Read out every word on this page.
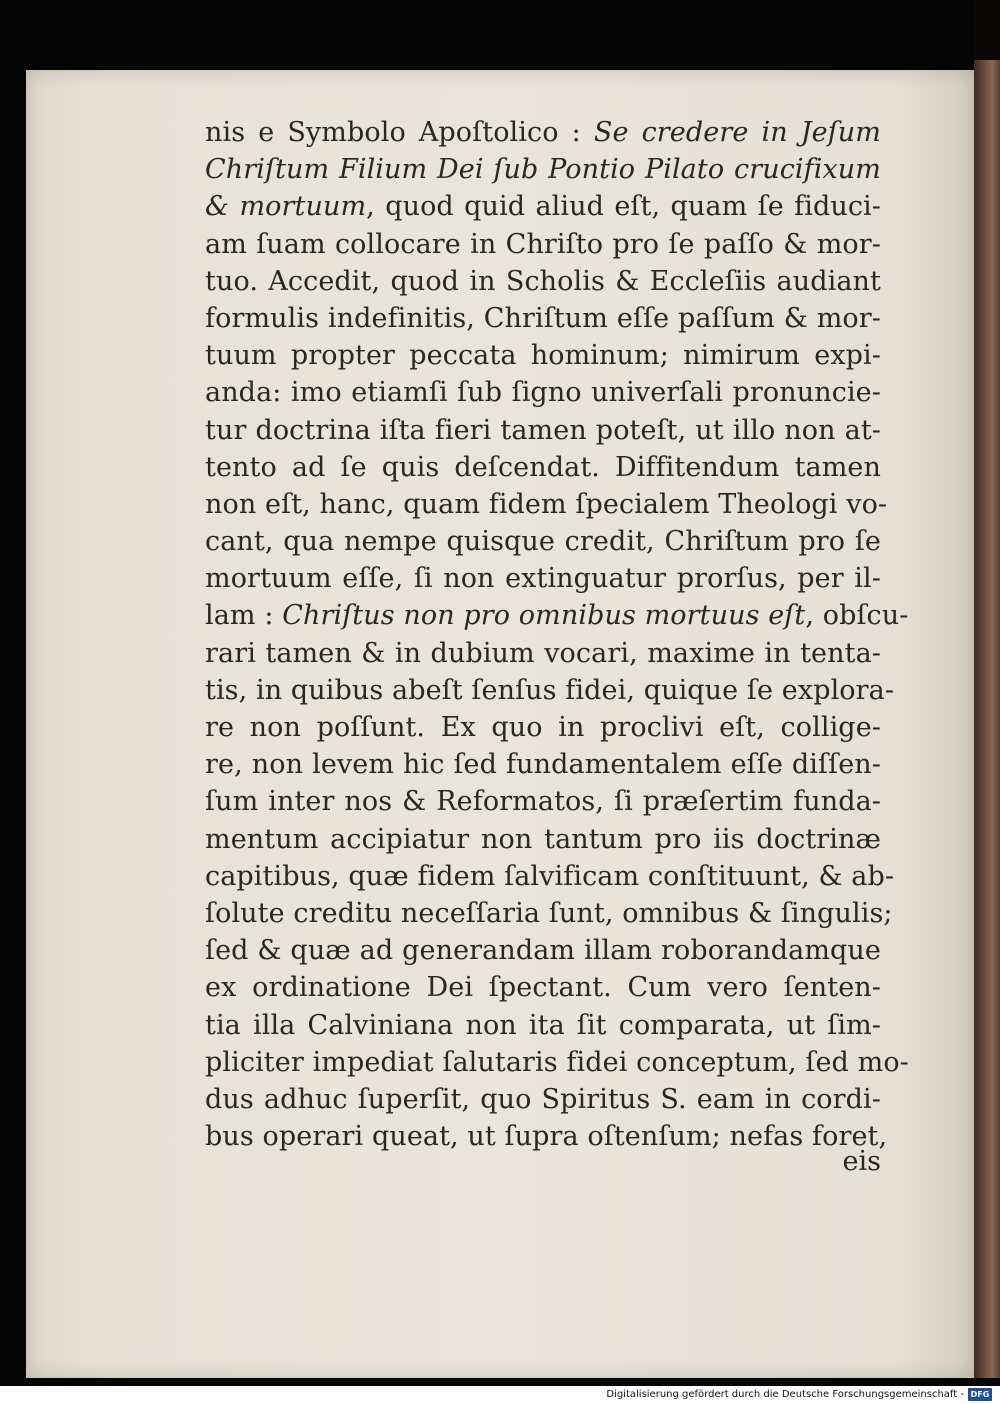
nis e Symbolo Apoſtolico : Se credere in Jeſum
Chriſtum Filium Dei ſub Pontio Pilato crucifixum
& mortuum, quod quid aliud eſt, quam ſe fiduci-
am ſuam collocare in Chriſto pro ſe paſſo & mor-
tuo. Accedit, quod in Scholis & Eccleſiis audiant
formulis indefinitis, Chriſtum eſſe paſſum & mor-
tuum propter peccata hominum; nimirum expi-
anda: imo etiamſi ſub ſigno univerſali pronuncie-
tur doctrina iſta fieri tamen poteſt, ut illo non at-
tento ad ſe quis deſcendat. Diffitendum tamen
non eſt, hanc, quam fidem ſpecialem Theologi vo-
cant, qua nempe quisque credit, Chriſtum pro ſe
mortuum eſſe, ſi non extinguatur prorſus, per il-
lam : Chriſtus non pro omnibus mortuus eſt, obſcu-
rari tamen & in dubium vocari, maxime in tenta-
tis, in quibus abeſt ſenſus fidei, quique ſe explora-
re non poſſunt. Ex quo in proclivi eſt, collige-
re, non levem hic ſed fundamentalem eſſe diſſen-
ſum inter nos & Reformatos, ſi præſertim funda-
mentum accipiatur non tantum pro iis doctrinæ
capitibus, quæ fidem ſalvificam conſtituunt, & ab-
ſolute creditu neceſſaria ſunt, omnibus & ſingulis;
ſed & quæ ad generandam illam roborandamque
ex ordinatione Dei ſpectant. Cum vero ſenten-
tia illa Calviniana non ita ſit comparata, ut ſim-
pliciter impediat ſalutaris fidei conceptum, ſed mo-
dus adhuc ſuperſit, quo Spiritus S. eam in cordi-
bus operari queat, ut ſupra oſtenſum; nefas foret,
eis
Digitalisierung gefördert durch die Deutsche Forschungsgemeinschaft - DFG
